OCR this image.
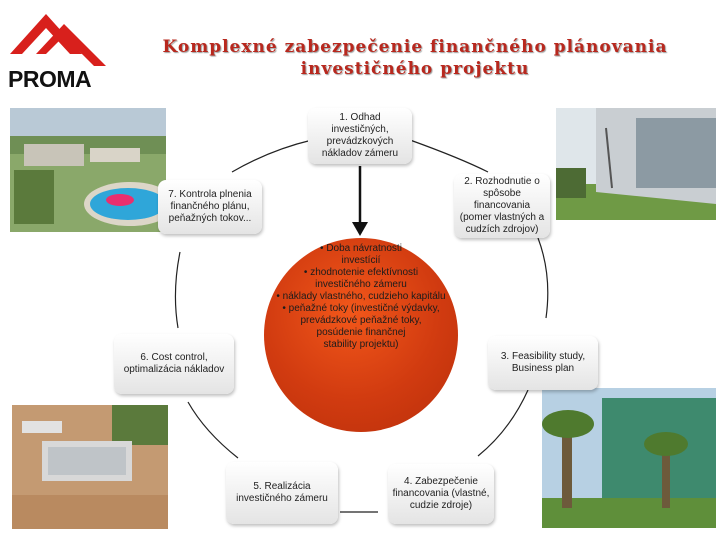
PROMA
Komplexné zabezpečenie finančného plánovania
investičného projektu
• Doba návratnosti
investícií
• zhodnotenie efektívnosti
investičného zámeru
• náklady vlastného, cudzieho kapitálu
• peňažné toky (investičné výdavky,
prevádzkové peňažné toky,
posúdenie finančnej
stability projektu)
1. Odhad investičných, prevádzkových nákladov zámeru
2. Rozhodnutie o spôsobe financovania (pomer vlastných a cudzích zdrojov)
3. Feasibility study, Business plan
4. Zabezpečenie financovania (vlastné, cudzie zdroje)
5. Realizácia investičného zámeru
6. Cost control, optimalizácia nákladov
7. Kontrola plnenia finančného plánu, peňažných tokov...
